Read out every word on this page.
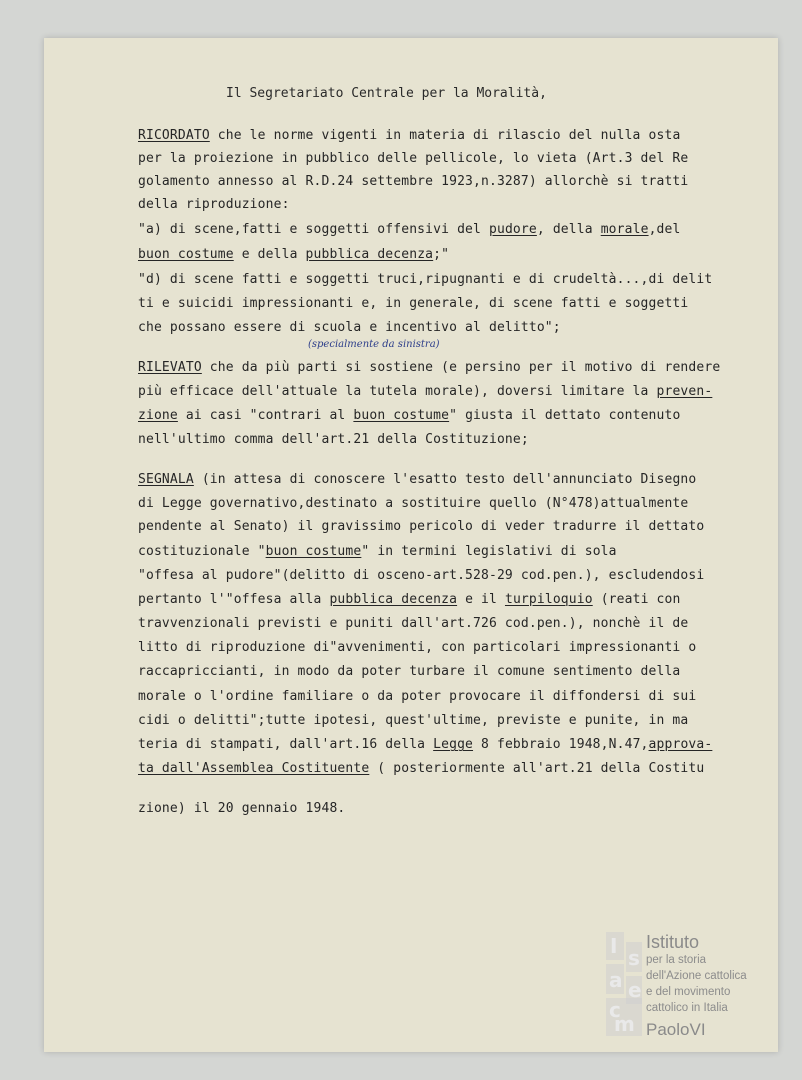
Il Segretariato Centrale per la Moralità,
RICORDATO che le norme vigenti in materia di rilascio del nulla osta
per la proiezione in pubblico delle pellicole, lo vieta (Art.3 del Re
golamento annesso al R.D.24 settembre 1923,n.3287) allorchè si tratti
della riproduzione:
"a) di scene,fatti e soggetti offensivi del pudore, della morale,del
buon costume e della pubblica decenza;"
"d) di scene fatti e soggetti truci,ripugnanti e di crudeltà...,di delit
ti e suicidi impressionanti e, in generale, di scene fatti e soggetti
che possano essere di scuola e incentivo al delitto";
RILEVATO che da più parti si sostiene (e persino per il motivo di rendere
più efficace dell'attuale la tutela morale), doversi limitare la preven-
zione ai casi "contrari al buon costume" giusta il dettato contenuto
nell'ultimo comma dell'art.21 della Costituzione;
SEGNALA (in attesa di conoscere l'esatto testo dell'annunciato Disegno
di Legge governativo,destinato a sostituire quello (N°478)attualmente
pendente al Senato) il gravissimo pericolo di veder tradurre il dettato
costituzionale "buon costume" in termini legislativi di sola
"offesa al pudore"(delitto di osceno-art.528-29 cod.pen.), escludendosi
pertanto l'"offesa alla pubblica decenza e il turpiloquio (reati con
travvenzionali previsti e puniti dall'art.726 cod.pen.), nonchè il de
litto di riproduzione di"avvenimenti, con particolari impressionanti o
raccapriccianti, in modo da poter turbare il comune sentimento della
morale o l'ordine familiare o da poter provocare il diffondersi di sui
cidi o delitti";tutte ipotesi, quest'ultime, previste e punite, in ma
teria di stampati, dall'art.16 della Legge 8 febbraio 1948,N.47,approva-
ta dall'Assemblea Costituente ( posteriormente all'art.21 della Costitu
zione) il 20 gennaio 1948.
(specialmente da sinistra)
I s
a e
c
m
Istituto
per la storia
dell'Azione cattolica
e del movimento
cattolico in Italia
PaoloVI
